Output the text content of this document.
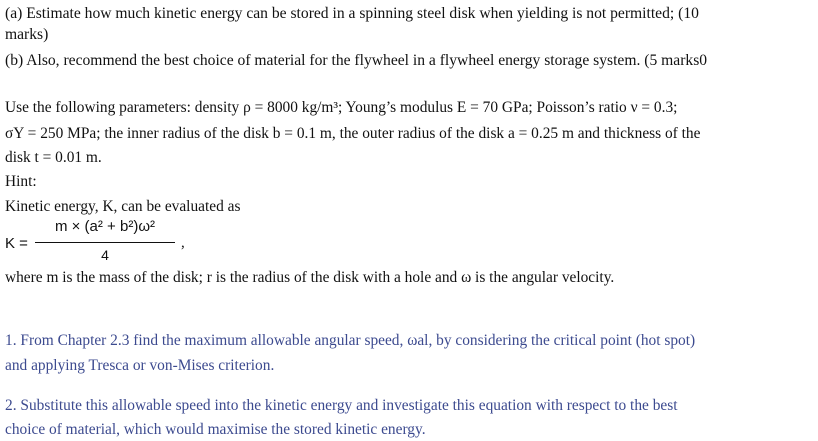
(a) Estimate how much kinetic energy can be stored in a spinning steel disk when yielding is not permitted; (10
marks)
(b) Also, recommend the best choice of material for the flywheel in a flywheel energy storage system. (5 marks0
Use the following parameters: density ρ = 8000 kg/m³; Young’s modulus E = 70 GPa; Poisson’s ratio ν = 0.3;
σY = 250 MPa; the inner radius of the disk b = 0.1 m, the outer radius of the disk a = 0.25 m and thickness of the
disk t = 0.01 m.
Hint:
Kinetic energy, K, can be evaluated as
K =
m × (a² + b²)ω²
4
,
where m is the mass of the disk; r is the radius of the disk with a hole and ω is the angular velocity.
1. From Chapter 2.3 find the maximum allowable angular speed, ωal, by considering the critical point (hot spot)
and applying Tresca or von-Mises criterion.
2. Substitute this allowable speed into the kinetic energy and investigate this equation with respect to the best
choice of material, which would maximise the stored kinetic energy.
